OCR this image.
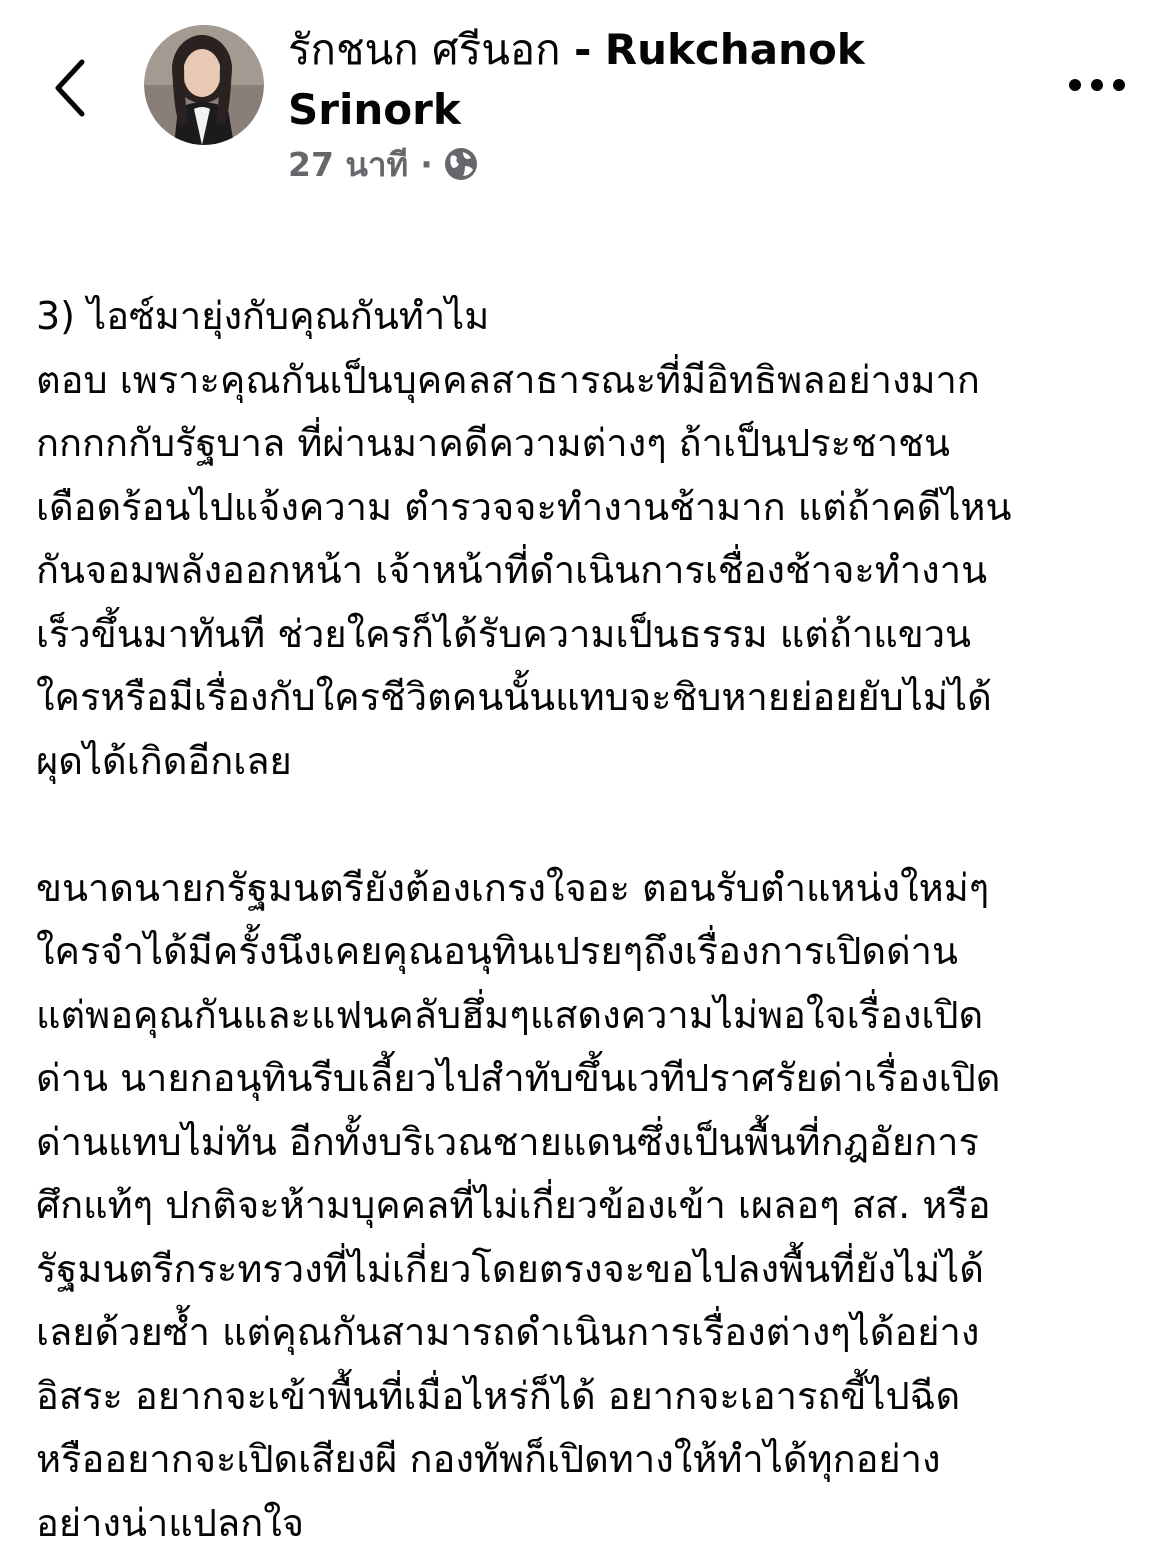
รักชนก ศรีนอก - Rukchanok
Srinork
27 นาที ·
3) ไอซ์มายุ่งกับคุณกันทำไม
ตอบ เพราะคุณกันเป็นบุคคลสาธารณะที่มีอิทธิพลอย่างมาก
กกกกกับรัฐบาล ที่ผ่านมาคดีความต่างๆ ถ้าเป็นประชาชน
เดือดร้อนไปแจ้งความ ตำรวจจะทำงานช้ามาก แต่ถ้าคดีไหน
กันจอมพลังออกหน้า เจ้าหน้าที่ดำเนินการเชื่องช้าจะทำงาน
เร็วขึ้นมาทันที ช่วยใครก็ได้รับความเป็นธรรม แต่ถ้าแขวน
ใครหรือมีเรื่องกับใครชีวิตคนนั้นแทบจะชิบหายย่อยยับไม่ได้
ผุดได้เกิดอีกเลย
ขนาดนายกรัฐมนตรียังต้องเกรงใจอะ ตอนรับตำแหน่งใหม่ๆ
ใครจำได้มีครั้งนึงเคยคุณอนุทินเปรยๆถึงเรื่องการเปิดด่าน
แต่พอคุณกันและแฟนคลับฮึ่มๆแสดงความไม่พอใจเรื่องเปิด
ด่าน นายกอนุทินรีบเลี้ยวไปสำทับขึ้นเวทีปราศรัยด่าเรื่องเปิด
ด่านแทบไม่ทัน อีกทั้งบริเวณชายแดนซึ่งเป็นพื้นที่กฎอัยการ
ศึกแท้ๆ ปกติจะห้ามบุคคลที่ไม่เกี่ยวข้องเข้า เผลอๆ สส. หรือ
รัฐมนตรีกระทรวงที่ไม่เกี่ยวโดยตรงจะขอไปลงพื้นที่ยังไม่ได้
เลยด้วยซ้ำ แต่คุณกันสามารถดำเนินการเรื่องต่างๆได้อย่าง
อิสระ อยากจะเข้าพื้นที่เมื่อไหร่ก็ได้ อยากจะเอารถขี้ไปฉีด
หรืออยากจะเปิดเสียงผี กองทัพก็เปิดทางให้ทำได้ทุกอย่าง
อย่างน่าแปลกใจ
